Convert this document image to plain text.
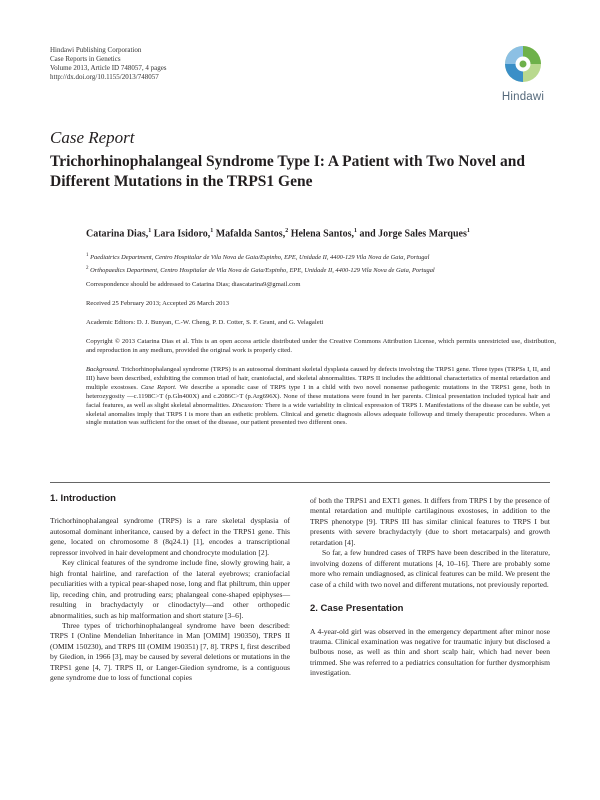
Hindawi Publishing Corporation
Case Reports in Genetics
Volume 2013, Article ID 748057, 4 pages
http://dx.doi.org/10.1155/2013/748057
Hindawi
Case Report
Trichorhinophalangeal Syndrome Type I: A Patient with Two Novel and Different Mutations in the TRPS1 Gene
Catarina Dias,$^1$ Lara Isidoro,$^1$ Mafalda Santos,$^2$ Helena Santos,$^1$ and Jorge Sales Marques$^1$
$^1$ Paediatrics Department, Centro Hospitalar de Vila Nova de Gaia/Espinho, EPE, Unidade II, 4400-129 Vila Nova de Gaia, Portugal
$^2$ Orthopaedics Department, Centro Hospitalar de Vila Nova de Gaia/Espinho, EPE, Unidade II, 4400-129 Vila Nova de Gaia, Portugal
Correspondence should be addressed to Catarina Dias; diascatarina9@gmail.com
Received 25 February 2013; Accepted 26 March 2013
Academic Editors: D. J. Bunyan, C.-W. Cheng, P. D. Cotter, S. F. Grant, and G. Velagaleti
Copyright © 2013 Catarina Dias et al. This is an open access article distributed under the Creative Commons Attribution License, which permits unrestricted use, distribution, and reproduction in any medium, provided the original work is properly cited.
Background. Trichorhinophalangeal syndrome (TRPS) is an autosomal dominant skeletal dysplasia caused by defects involving the TRPS1 gene. Three types (TRPSs I, II, and III) have been described, exhibiting the common triad of hair, craniofacial, and skeletal abnormalities. TRPS II includes the additional characteristics of mental retardation and multiple exostoses. Case Report. We describe a sporadic case of TRPS type I in a child with two novel nonsense pathogenic mutations in the TRPS1 gene, both in heterozygosity —c.1198C>T (p.Gln400X) and c.2086C>T (p.Arg696X). None of these mutations were found in her parents. Clinical presentation included typical hair and facial features, as well as slight skeletal abnormalities. Discussion: There is a wide variability in clinical expression of TRPS I. Manifestations of the disease can be subtle, yet skeletal anomalies imply that TRPS I is more than an esthetic problem. Clinical and genetic diagnosis allows adequate followup and timely therapeutic procedures. When a single mutation was sufficient for the onset of the disease, our patient presented two different ones.
1. Introduction

Trichorhinophalangeal syndrome (TRPS) is a rare skeletal dysplasia of autosomal dominant inheritance, caused by a defect in the TRPS1 gene. This gene, located on chromosome 8 (8q24.1) [1], encodes a transcriptional repressor involved in hair development and chondrocyte modulation [2].

Key clinical features of the syndrome include fine, slowly growing hair, a high frontal hairline, and rarefaction of the lateral eyebrows; craniofacial peculiarities with a typical pear-shaped nose, long and flat philtrum, thin upper lip, receding chin, and protruding ears; phalangeal cone-shaped epiphyses—resulting in brachydactyly or clinodactyly—and other orthopedic abnormalities, such as hip malformation and short stature [3–6].

Three types of trichorhinophalangeal syndrome have been described: TRPS I (Online Mendelian Inheritance in Man [OMIM] 190350), TRPS II (OMIM 150230), and TRPS III (OMIM 190351) [7, 8]. TRPS I, first described by Giedion, in 1966 [3], may be caused by several deletions or mutations in the TRPS1 gene [4, 7]. TRPS II, or Langer-Giedion syndrome, is a contiguous gene syndrome due to loss of functional copies

of both the TRPS1 and EXT1 genes. It differs from TRPS I by the presence of mental retardation and multiple cartilaginous exostoses, in addition to the TRPS phenotype [9]. TRPS III has similar clinical features to TRPS I but presents with severe brachydactyly (due to short metacarpals) and growth retardation [4].

So far, a few hundred cases of TRPS have been described in the literature, involving dozens of different mutations [4, 10–16]. There are probably some more who remain undiagnosed, as clinical features can be mild. We present the case of a child with two novel and different mutations, not previously reported.

2. Case Presentation

A 4-year-old girl was observed in the emergency department after minor nose trauma. Clinical examination was negative for traumatic injury but disclosed a bulbous nose, as well as thin and short scalp hair, which had never been trimmed. She was referred to a pediatrics consultation for further dysmorphism investigation.
